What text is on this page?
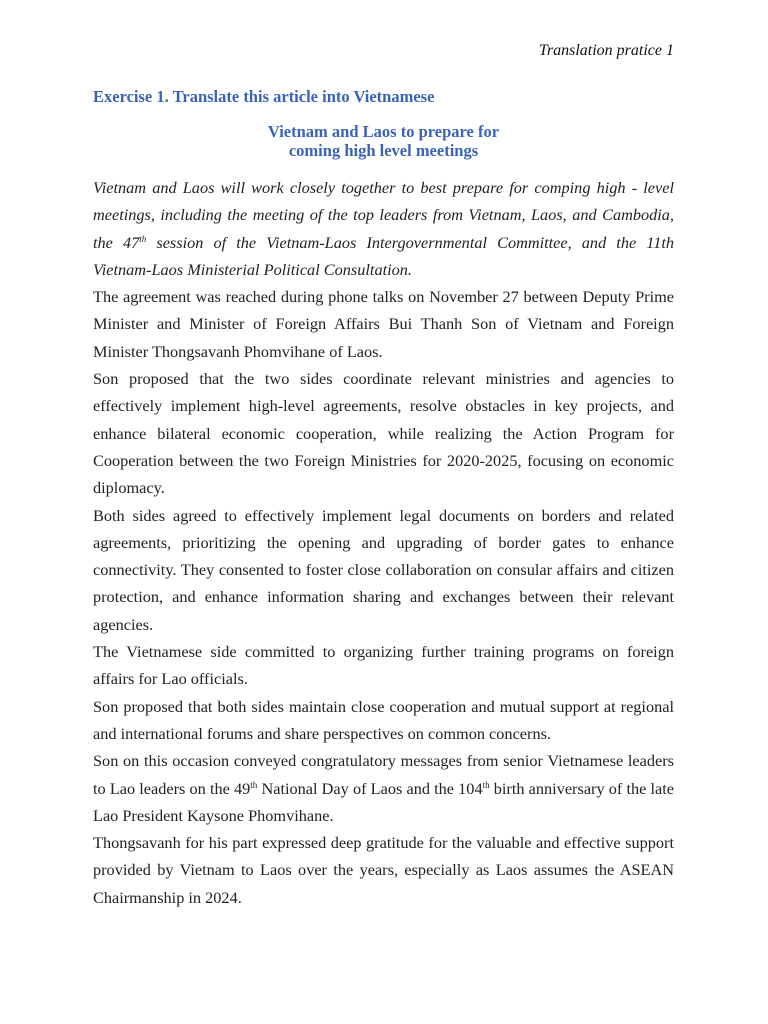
Translation pratice 1
Exercise 1. Translate this article into Vietnamese
Vietnam and Laos to prepare for
coming high level meetings

Vietnam and Laos will work closely together to best prepare for comping high - level meetings, including the meeting of the top leaders from Vietnam, Laos, and Cambodia, the 47th session of the Vietnam-Laos Intergovernmental Committee, and the 11th Vietnam-Laos Ministerial Political Consultation.

The agreement was reached during phone talks on November 27 between Deputy Prime Minister and Minister of Foreign Affairs Bui Thanh Son of Vietnam and Foreign Minister Thongsavanh Phomvihane of Laos.

Son proposed that the two sides coordinate relevant ministries and agencies to effectively implement high-level agreements, resolve obstacles in key projects, and enhance bilateral economic cooperation, while realizing the Action Program for Cooperation between the two Foreign Ministries for 2020-2025, focusing on economic diplomacy.

Both sides agreed to effectively implement legal documents on borders and related agreements, prioritizing the opening and upgrading of border gates to enhance connectivity. They consented to foster close collaboration on consular affairs and citizen protection, and enhance information sharing and exchanges between their relevant agencies.

The Vietnamese side committed to organizing further training programs on foreign affairs for Lao officials.

Son proposed that both sides maintain close cooperation and mutual support at regional and international forums and share perspectives on common concerns.

Son on this occasion conveyed congratulatory messages from senior Vietnamese leaders to Lao leaders on the 49th National Day of Laos and the 104th birth anniversary of the late Lao President Kaysone Phomvihane.

Thongsavanh for his part expressed deep gratitude for the valuable and effective support provided by Vietnam to Laos over the years, especially as Laos assumes the ASEAN Chairmanship in 2024.
